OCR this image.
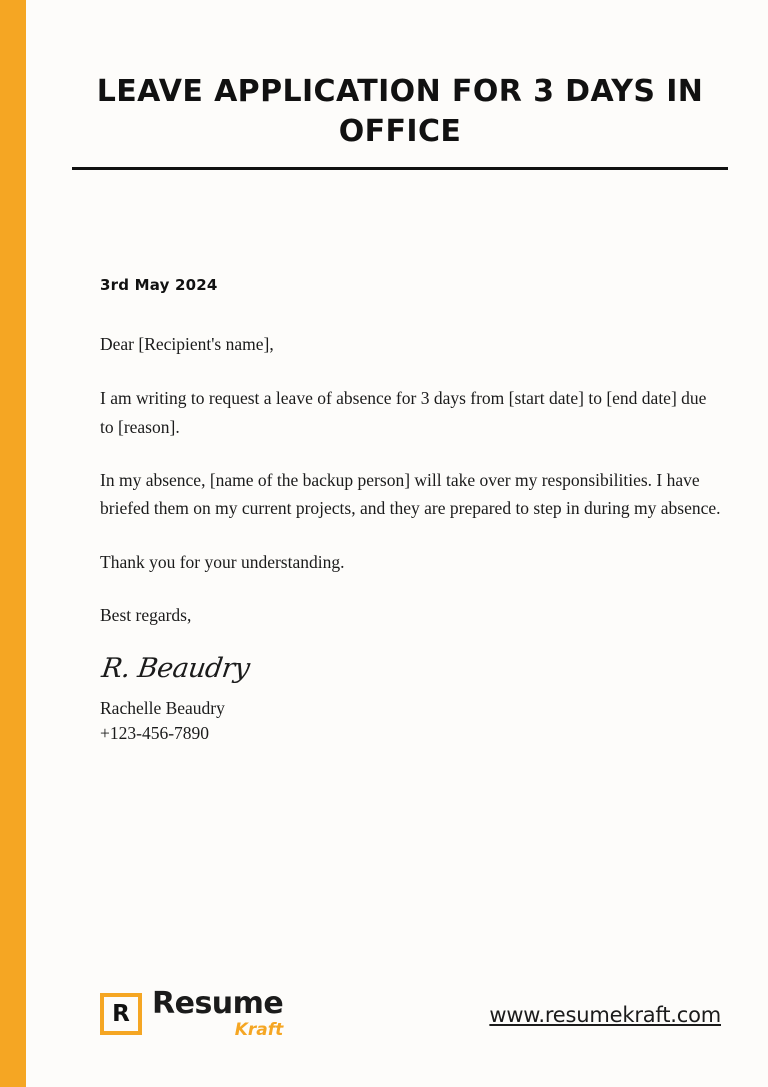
LEAVE APPLICATION FOR 3 DAYS IN OFFICE

3rd May 2024

Dear [Recipient's name],

I am writing to request a leave of absence for 3 days from [start date] to [end date] due to [reason].

In my absence, [name of the backup person] will take over my responsibilities. I have briefed them on my current projects, and they are prepared to step in during my absence.

Thank you for your understanding.

Best regards,

R. Beaudry

Rachelle Beaudry

+123-456-7890

R Resume
Kraft
www.resumekraft.com
